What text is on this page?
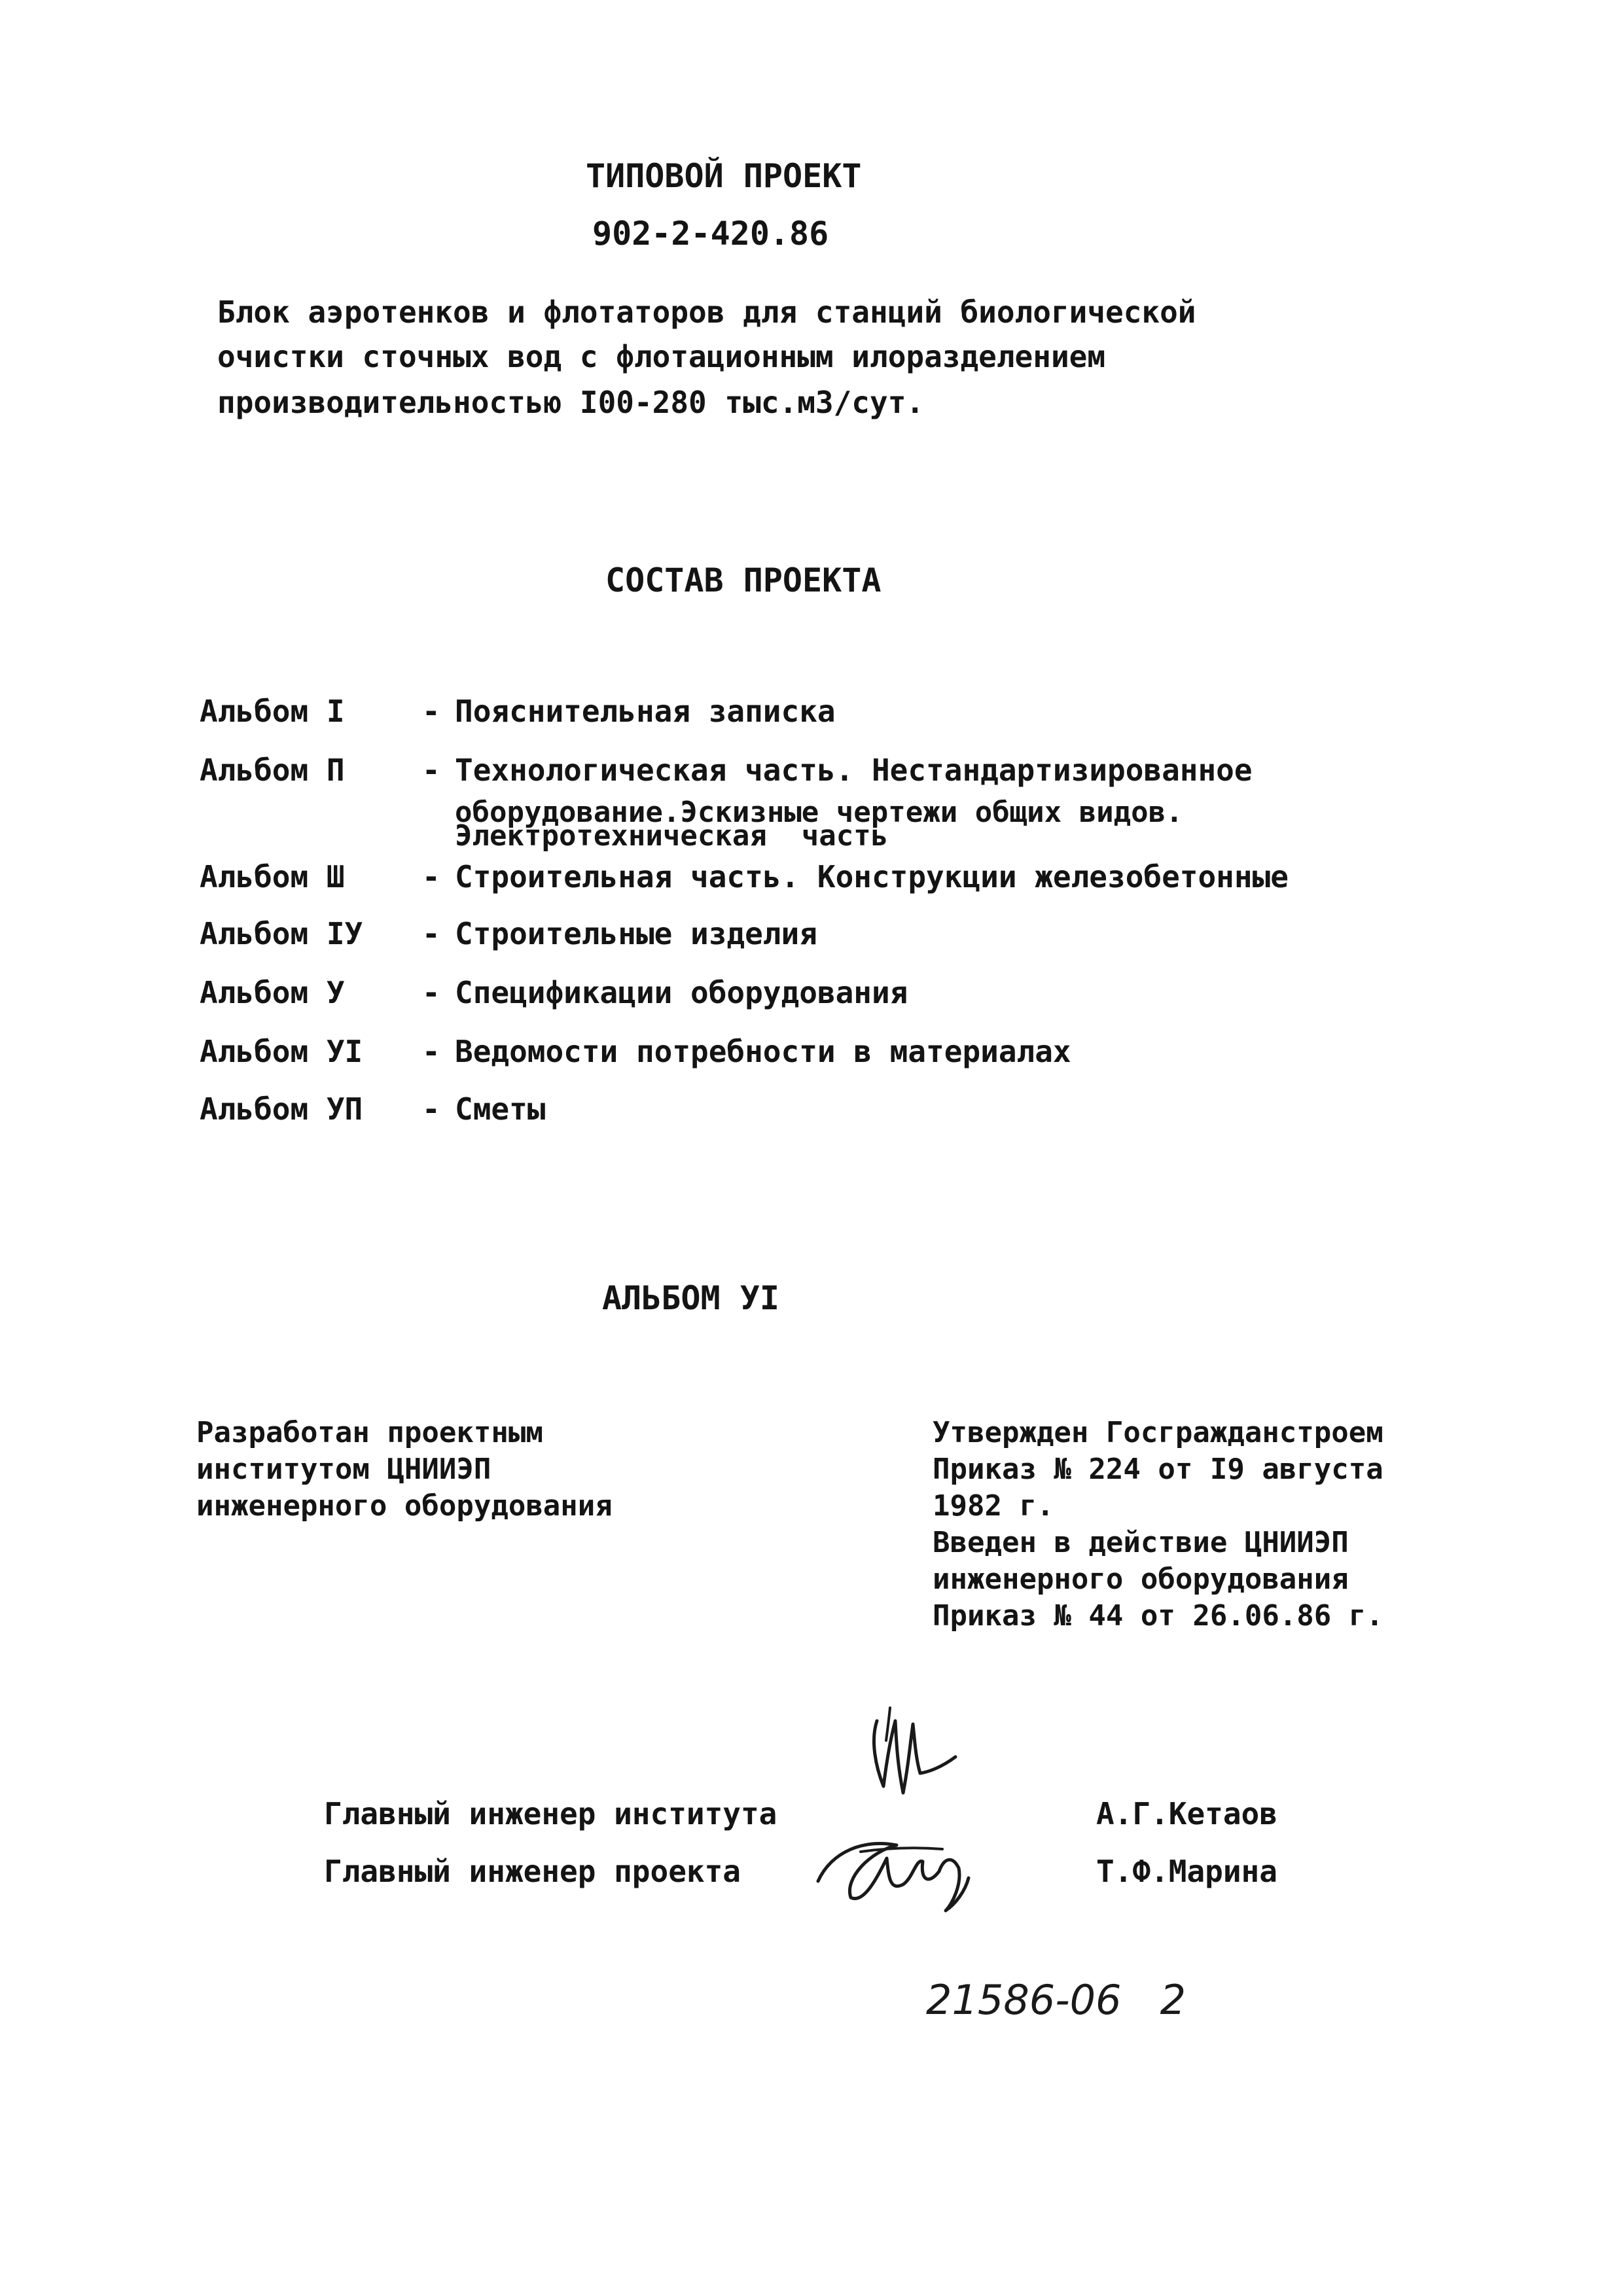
ТИПОВОЙ ПРОЕКТ
902-2-420.86
Блок аэротенков и флотаторов для станций биологической
очистки сточных вод с флотационным илоразделением
производительностью I00-280 тыс.м3/сут.
СОСТАВ ПРОЕКТА
Альбом I	- Пояснительная записка
Альбом П	- Технологическая часть. Нестандартизированное
оборудование.Эскизные чертежи общих видов.
Электротехническая  часть
Альбом Ш	- Строительная часть. Конструкции железобетонные
Альбом IУ - Строительные изделия
Альбом У	- Спецификации оборудования
Альбом УI - Ведомости потребности в материалах
Альбом УП - Сметы
АЛЬБОМ УI
Разработан проектным
институтом ЦНИИЭП
инженерного оборудования
Утвержден Госгражданстроем
Приказ № 224 от I9 августа
1982 г.
Введен в действие ЦНИИЭП
инженерного оборудования
Приказ № 44 от 26.06.86 г.
Главный инженер института	А.Г.Кетаов
Главный инженер проекта	Т.Ф.Марина
21586-06   2
